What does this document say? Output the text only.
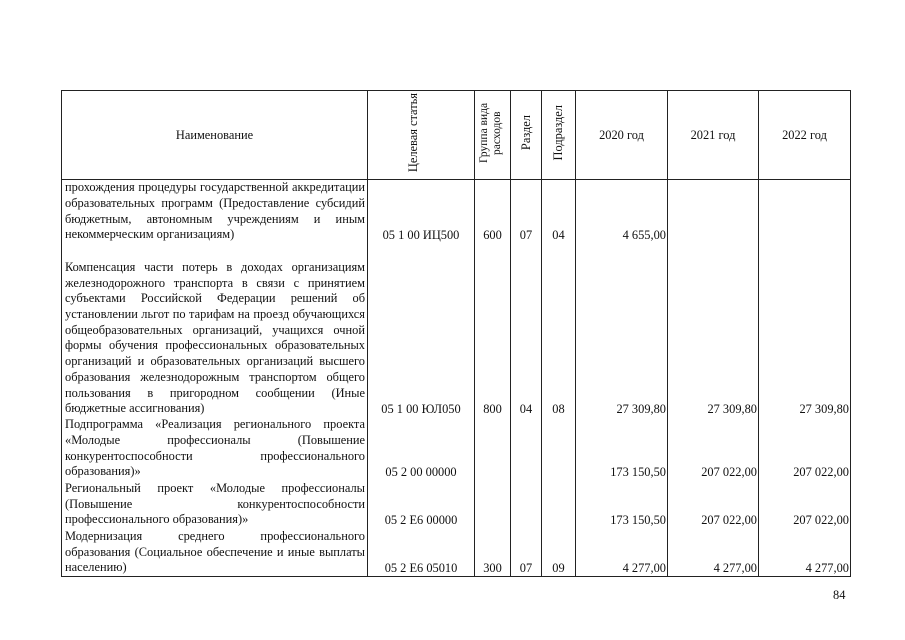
Наименование	Целевая статья	Группа вида расходов	Раздел	Подраздел	2020 год	2021 год	2022 год
прохождения процедуры государственной аккредитации образовательных программ (Предоставление субсидий бюджетным, автономным учреждениям и иным некоммерческим организациям)	05 1 00 ИЦ500	600	07	04	4 655,00		
Компенсация части потерь в доходах организациям железнодорожного транспорта в связи с принятием субъектами Российской Федерации решений об установлении льгот по тарифам на проезд обучающихся общеобразовательных организаций, учащихся очной формы обучения профессиональных образовательных организаций и образовательных организаций высшего образования железнодорожным транспортом общего пользования в пригородном сообщении (Иные бюджетные ассигнования)	05 1 00 ЮЛ050	800	04	08	27 309,80	27 309,80	27 309,80
Подпрограмма «Реализация регионального проекта «Молодые профессионалы (Повышение конкурентоспособности профессионального образования)»	05 2 00 00000				173 150,50	207 022,00	207 022,00
Региональный проект «Молодые профессионалы (Повышение конкурентоспособности профессионального образования)»	05 2 Е6 00000				173 150,50	207 022,00	207 022,00
Модернизация среднего профессионального образования (Социальное обеспечение и иные выплаты населению)	05 2 Е6 05010	300	07	09	4 277,00	4 277,00	4 277,00
84
